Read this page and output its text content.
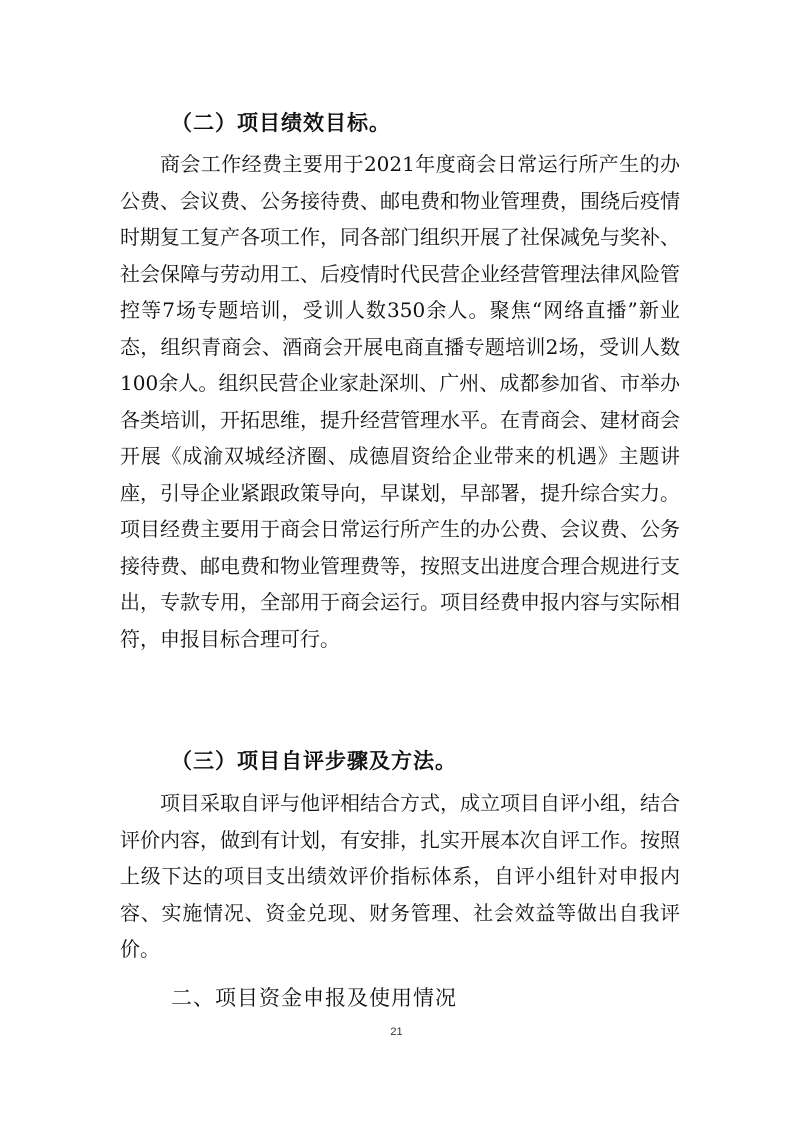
（二）项目绩效目标。

商会工作经费主要用于2021年度商会日常运行所产生的办公费、会议费、公务接待费、邮电费和物业管理费，围绕后疫情时期复工复产各项工作，同各部门组织开展了社保减免与奖补、社会保障与劳动用工、后疫情时代民营企业经营管理法律风险管控等7场专题培训，受训人数350余人。聚焦“网络直播”新业态，组织青商会、酒商会开展电商直播专题培训2场，受训人数100余人。组织民营企业家赴深圳、广州、成都参加省、市举办各类培训，开拓思维，提升经营管理水平。在青商会、建材商会开展《成渝双城经济圈、成德眉资给企业带来的机遇》主题讲座，引导企业紧跟政策导向，早谋划，早部署，提升综合实力。项目经费主要用于商会日常运行所产生的办公费、会议费、公务接待费、邮电费和物业管理费等，按照支出进度合理合规进行支出，专款专用，全部用于商会运行。项目经费申报内容与实际相符，申报目标合理可行。

（三）项目自评步骤及方法。

项目采取自评与他评相结合方式，成立项目自评小组，结合评价内容，做到有计划，有安排，扎实开展本次自评工作。按照上级下达的项目支出绩效评价指标体系，自评小组针对申报内容、实施情况、资金兑现、财务管理、社会效益等做出自我评价。

二、项目资金申报及使用情况
21
